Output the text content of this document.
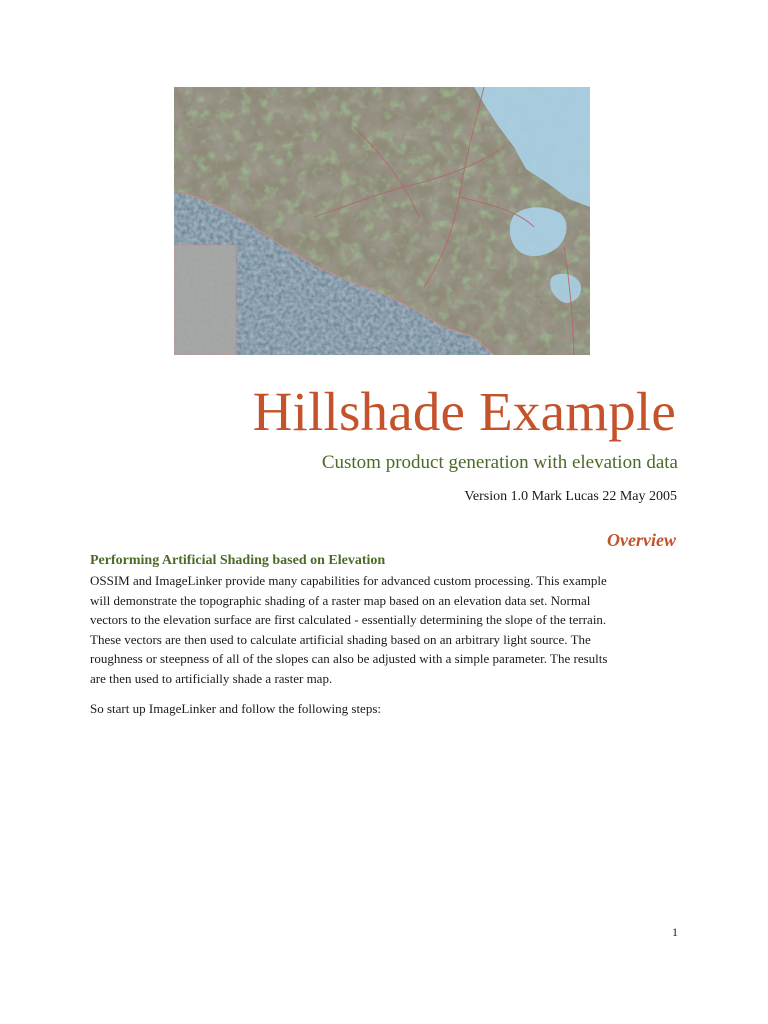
Hillshade Example
Custom product generation with elevation data

Version 1.0 Mark Lucas 22 May 2005

Overview
Performing Artificial Shading based on Elevation

OSSIM and ImageLinker provide many capabilities for advanced custom processing. This example
will demonstrate the topographic shading of a raster map based on an elevation data set. Normal
vectors to the elevation surface are first calculated - essentially determining the slope of the terrain.
These vectors are then used to calculate artificial shading based on an arbitrary light source. The
roughness or steepness of all of the slopes can also be adjusted with a simple parameter. The results
are then used to artificially shade a raster map.

So start up ImageLinker and follow the following steps:

1
